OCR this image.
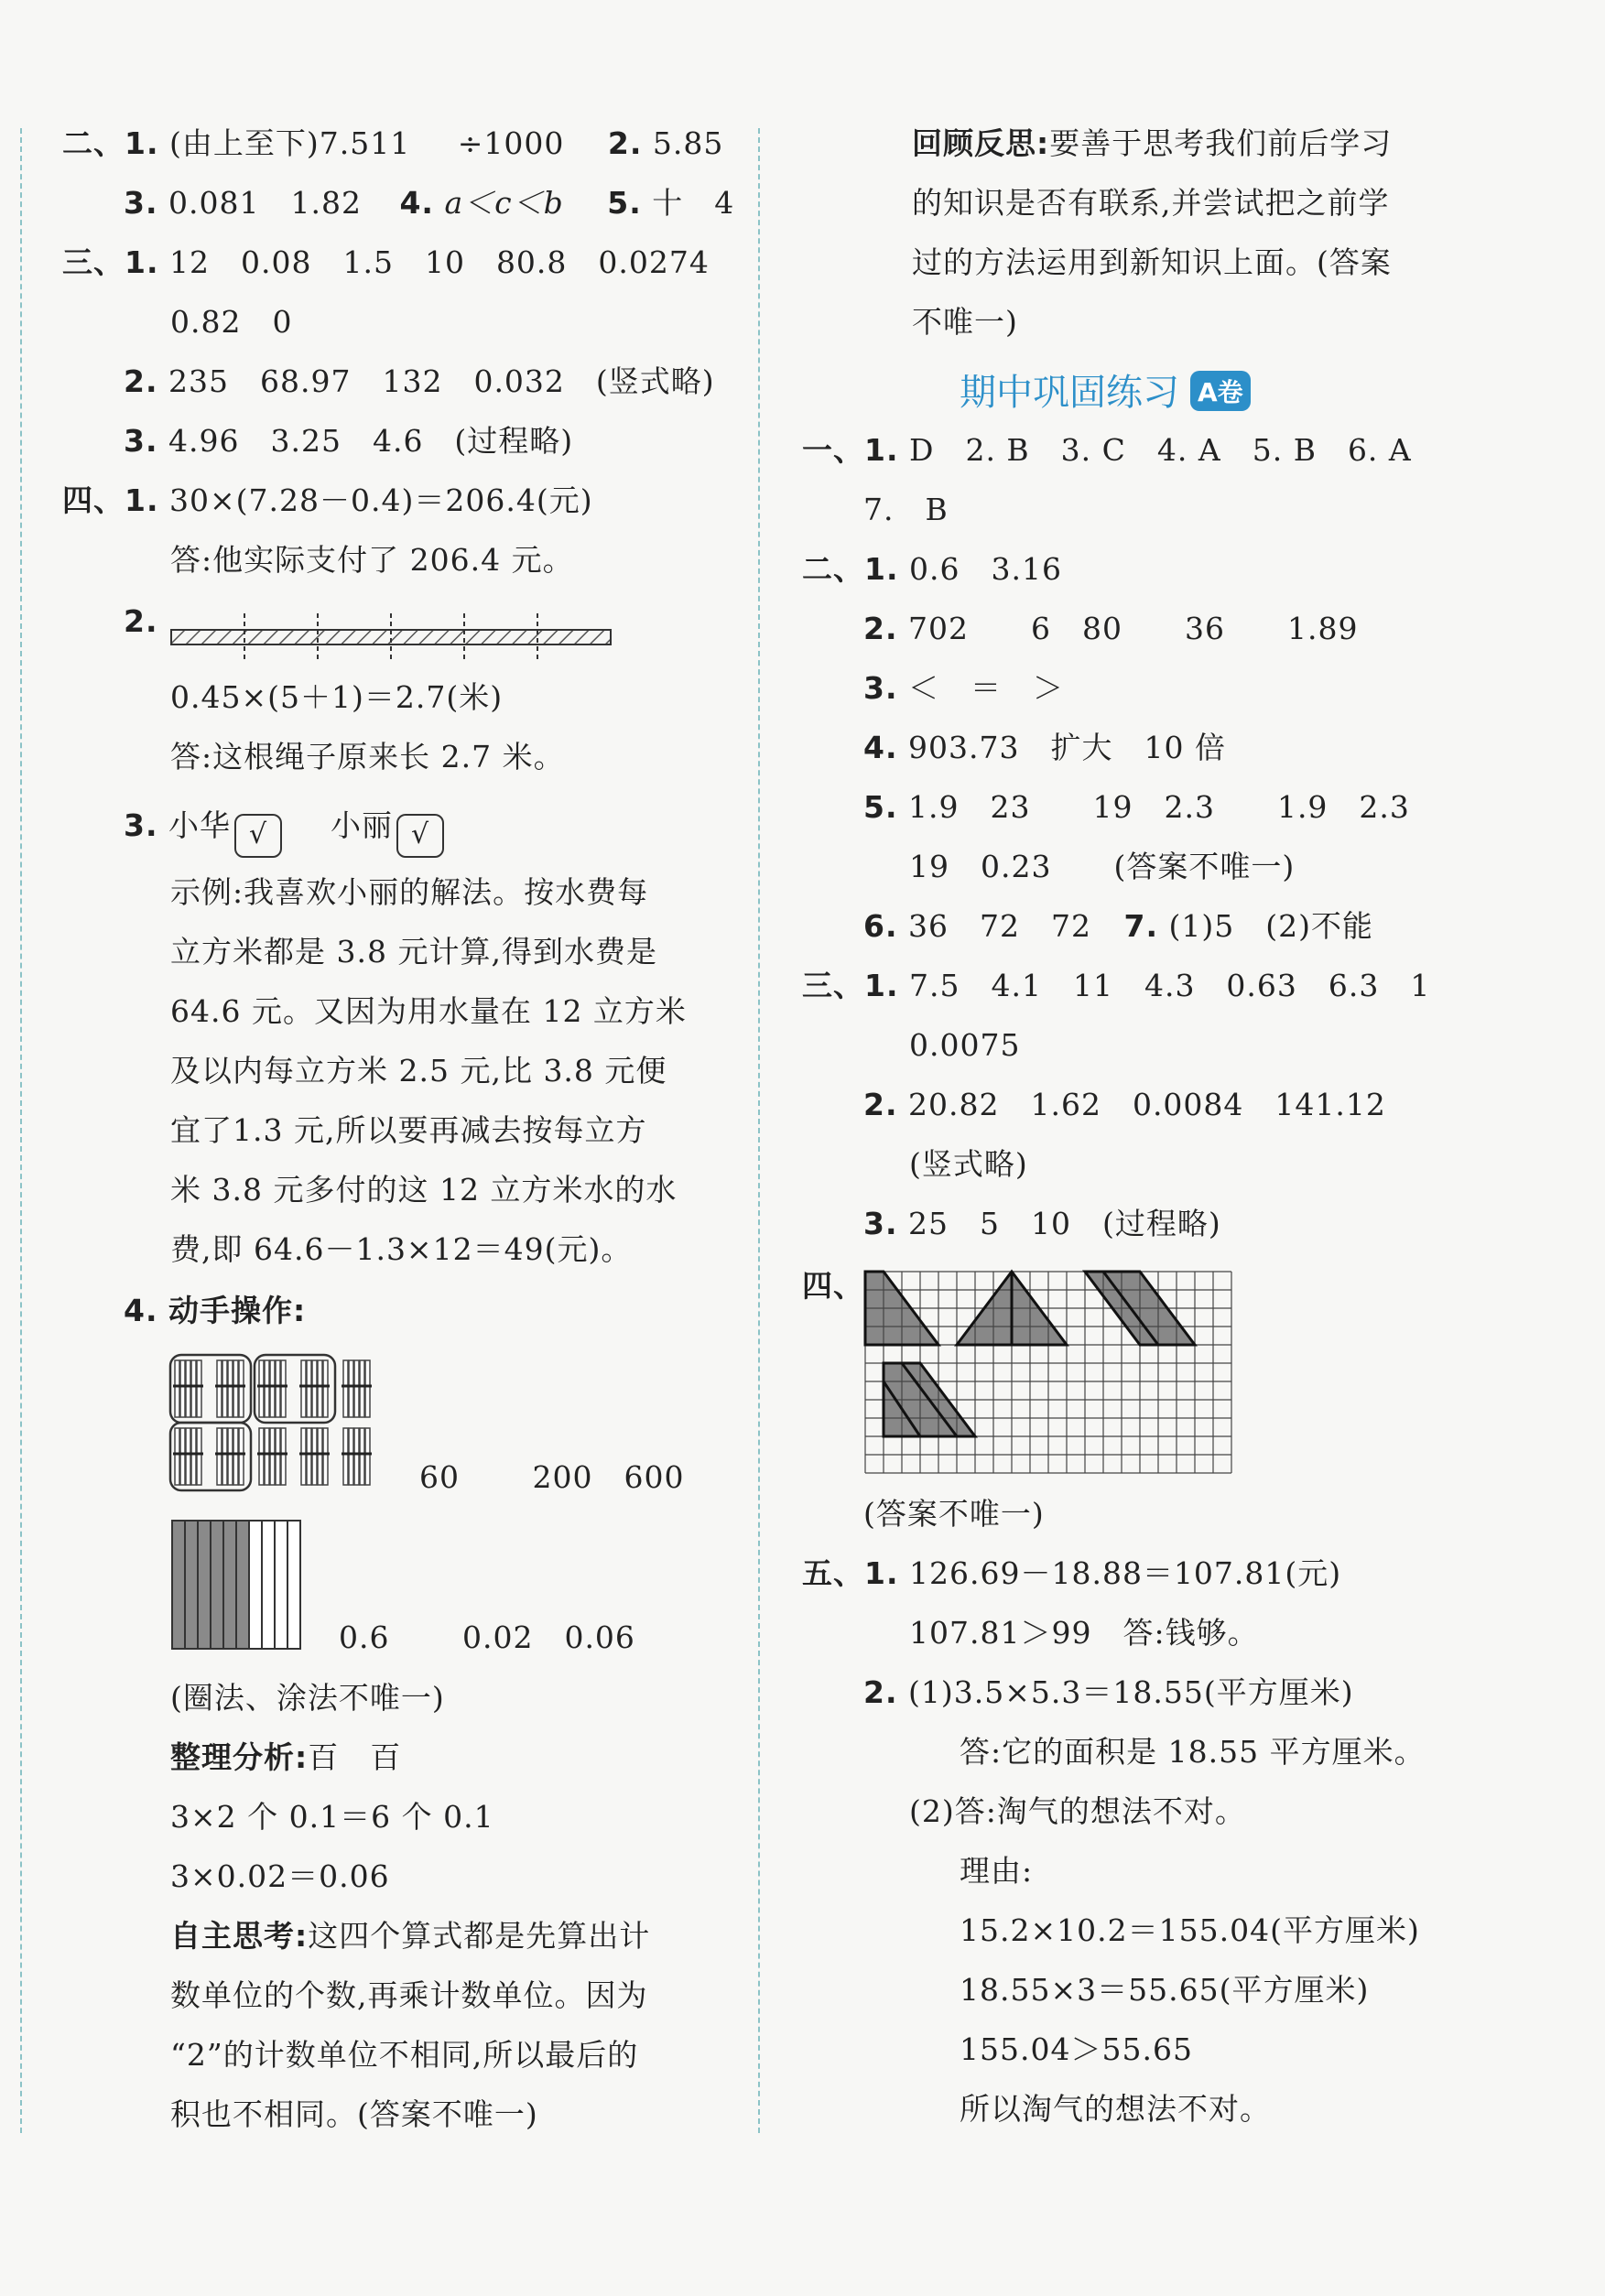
二、1. (由上至下)7.511 ÷1000 2. 5.85
3. 0.081　1.82 4. a＜c＜b 5. 十　4
三、1. 12　0.08　1.5　10　80.8　0.0274
0.82　0
2. 235　68.97　132　0.032　(竖式略)
3. 4.96　3.25　4.6　(过程略)
四、1. 30×(7.28－0.4)＝206.4(元)
答:他实际支付了 206.4 元。
2.
0.45×(5＋1)＝2.7(米)
答:这根绳子原来长 2.7 米。
3. 小华 √ 小丽 √
示例:我喜欢小丽的解法。按水费每
立方米都是 3.8 元计算,得到水费是
64.6 元。又因为用水量在 12 立方米
及以内每立方米 2.5 元,比 3.8 元便
宜了1.3 元,所以要再减去按每立方
米 3.8 元多付的这 12 立方米水的水
费,即 64.6－1.3×12＝49(元)。
4. 动手操作:
60　　 200　600
0.6　　 0.02　0.06
(圈法、涂法不唯一)
整理分析:百　百
3×2 个 0.1＝6 个 0.1
3×0.02＝0.06
自主思考:这四个算式都是先算出计
数单位的个数,再乘计数单位。因为
“2”的计数单位不相同,所以最后的
积也不相同。(答案不唯一)
回顾反思:要善于思考我们前后学习
的知识是否有联系,并尝试把之前学
过的方法运用到新知识上面。(答案
不唯一)
期中巩固练习 A卷
一、1. D　2. B　3. C　4. A　5. B　6. A
7.　B
二、1. 0.6　3.16
2. 702　　6　80　　36　　1.89
3. ＜　＝　＞
4. 903.73　扩大　10 倍
5. 1.9　23　　19　2.3　　1.9　2.3
19　0.23　　(答案不唯一)
6. 36　72　72 7. (1)5　(2)不能
三、1. 7.5　4.1　11　4.3　0.63　6.3　1
0.0075
2. 20.82　1.62　0.0084　141.12
(竖式略)
3. 25　5　10　(过程略)
四、
(答案不唯一)
五、1. 126.69－18.88＝107.81(元)
107.81＞99　答:钱够。
2. (1)3.5×5.3＝18.55(平方厘米)
答:它的面积是 18.55 平方厘米。
(2)答:淘气的想法不对。
理由:
15.2×10.2＝155.04(平方厘米)
18.55×3＝55.65(平方厘米)
155.04＞55.65
所以淘气的想法不对。
